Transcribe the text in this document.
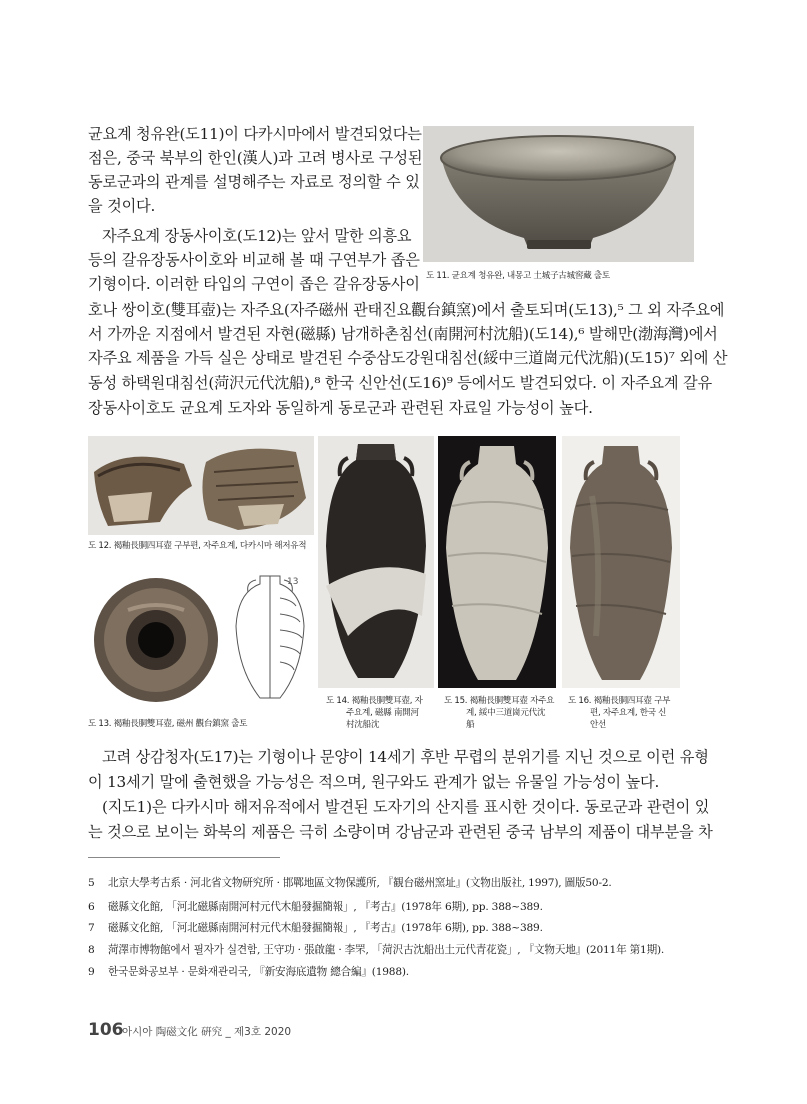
균요계 청유완(도11)이 다카시마에서 발견되었다는
점은, 중국 북부의 한인(漢人)과 고려 병사로 구성된
동로군과의 관계를 설명해주는 자료로 정의할 수 있
을 것이다.
자주요계 장동사이호(도12)는 앞서 말한 의흥요
등의 갈유장동사이호와 비교해 볼 때 구연부가 좁은
기형이다. 이러한 타입의 구연이 좁은 갈유장동사이
호나 쌍이호(雙耳壺)는 자주요(자주磁州 관태진요觀台鎮窯)에서 출토되며(도13),⁵ 그 외 자주요에
서 가까운 지점에서 발견된 자현(磁縣) 남개하촌침선(南開河村沈船)(도14),⁶ 발해만(渤海灣)에서
자주요 제품을 가득 실은 상태로 발견된 수중삼도강원대침선(綏中三道崗元代沈船)(도15)⁷ 외에 산
동성 하택원대침선(菏沢元代沈船),⁸ 한국 신안선(도16)⁹ 등에서도 발견되었다. 이 자주요계 갈유
장동사이호도 균요계 도자와 동일하게 동로군과 관련된 자료일 가능성이 높다.
도 11. 균요계 청유완, 내몽고 土城子古城窖藏 출토
도 12. 褐釉長胴四耳壺 구부편, 자주요계, 다카시마 해저유적
13
도 13. 褐釉長胴雙耳壺, 磁州 觀台鎮窯 출토
도 14. 褐釉長胴雙耳壺, 자
주요계, 磁縣 南開河
村沈船沈
도 15. 褐釉長胴雙耳壺 자주요
계, 綏中三道崗元代沈
船
도 16. 褐釉長胴四耳壺 구부
편, 자주요계, 한국 신
안선
고려 상감청자(도17)는 기형이나 문양이 14세기 후반 무렵의 분위기를 지닌 것으로 이런 유형
이 13세기 말에 출현했을 가능성은 적으며, 원구와도 관계가 없는 유물일 가능성이 높다.
(지도1)은 다카시마 해저유적에서 발견된 도자기의 산지를 표시한 것이다. 동로군과 관련이 있
는 것으로 보이는 화북의 제품은 극히 소량이며 강남군과 관련된 중국 남부의 제품이 대부분을 차
5 北京大學考古系 · 河北省文物研究所 · 邯鄲地區文物保護所, 『観台磁州窯址』(文物出版社, 1997), 圖版50-2.
6 磁縣文化館, 「河北磁縣南開河村元代木船發掘簡報」, 『考古』(1978年 6期), pp. 388~389.
7 磁縣文化館, 「河北磁縣南開河村元代木船發掘簡報」, 『考古』(1978年 6期), pp. 388~389.
8 菏澤市博物館에서 필자가 실견함, 王守功 · 張啟龍 · 李罘, 「菏沢古沈船出土元代青花瓷」, 『文物天地』(2011年 第1期).
9 한국문화공보부 · 문화재관리국, 『新安海底遺物 總合編』(1988).
106
아시아 陶磁文化 硏究 _ 제3호 2020
